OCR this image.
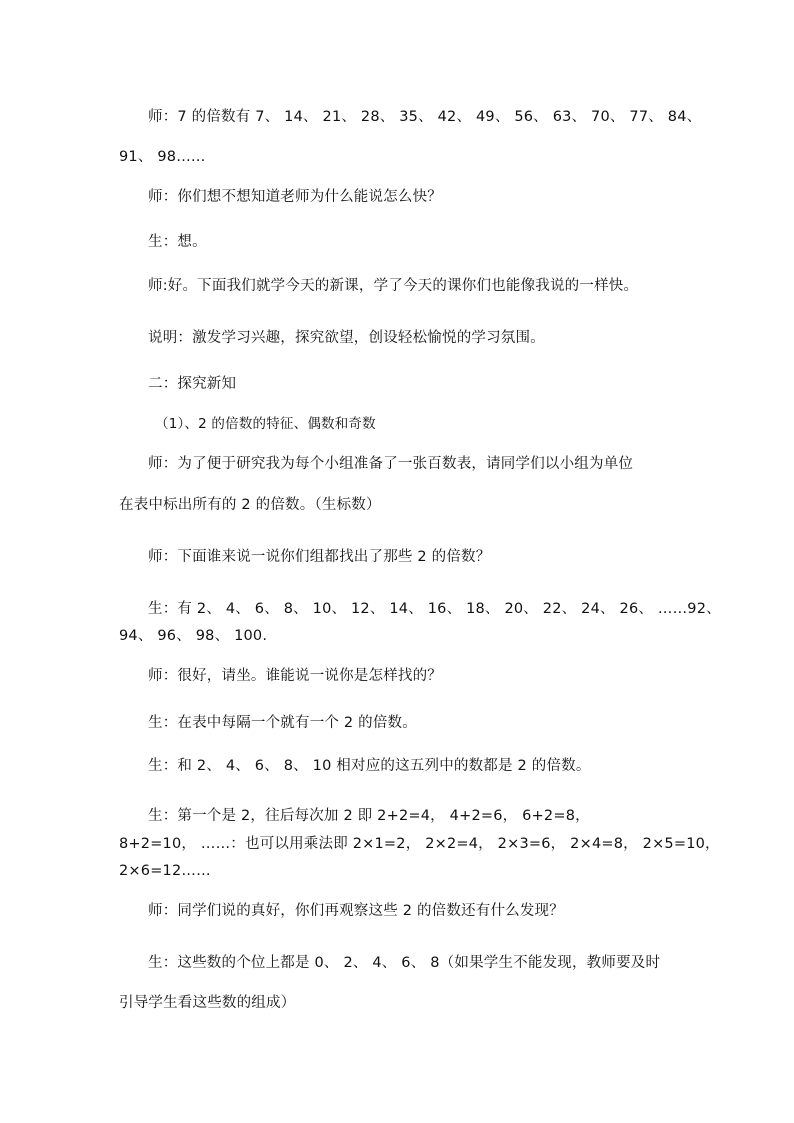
师：7 的倍数有 7、 14、 21、 28、 35、 42、 49、 56、 63、 70、 77、 84、
91、 98……
师：你们想不想知道老师为什么能说怎么快？
生：想。
师:好。下面我们就学今天的新课，学了今天的课你们也能像我说的一样快。
说明：激发学习兴趣，探究欲望，创设轻松愉悦的学习氛围。
二：探究新知
（1）、2 的倍数的特征、偶数和奇数
师：为了便于研究我为每个小组准备了一张百数表，请同学们以小组为单位
在表中标出所有的 2 的倍数。（生标数）
师：下面谁来说一说你们组都找出了那些 2 的倍数？
生：有 2、 4、 6、 8、 10、 12、 14、 16、 18、 20、 22、 24、 26、 ……92、
94、 96、 98、 100.
师：很好，请坐。谁能说一说你是怎样找的？
生：在表中每隔一个就有一个 2 的倍数。
生：和 2、 4、 6、 8、 10 相对应的这五列中的数都是 2 的倍数。
生：第一个是 2，往后每次加 2 即 2+2=4， 4+2=6， 6+2=8，
8+2=10， ……：也可以用乘法即 2×1=2， 2×2=4， 2×3=6， 2×4=8， 2×5=10，
2×6=12……
师：同学们说的真好，你们再观察这些 2 的倍数还有什么发现？
生：这些数的个位上都是 0、 2、 4、 6、 8（如果学生不能发现，教师要及时
引导学生看这些数的组成）
